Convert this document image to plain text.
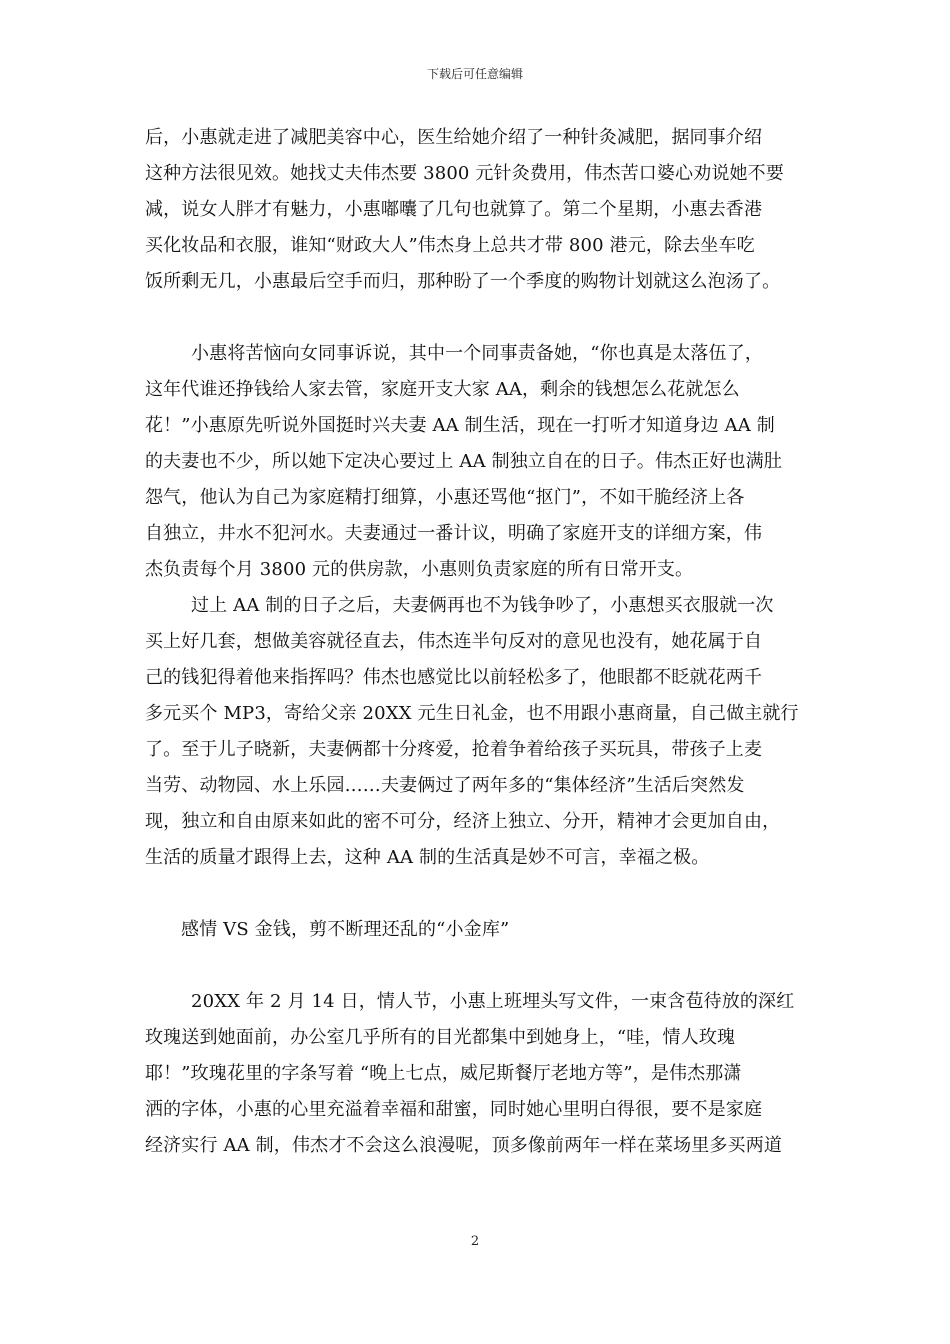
下载后可任意编辑
后，小惠就走进了减肥美容中心，医生给她介绍了一种针灸减肥，据同事介绍
这种方法很见效。她找丈夫伟杰要 3800 元针灸费用，伟杰苦口婆心劝说她不要
减，说女人胖才有魅力，小惠嘟囔了几句也就算了。第二个星期，小惠去香港
买化妆品和衣服，谁知“财政大人”伟杰身上总共才带 800 港元，除去坐车吃
饭所剩无几，小惠最后空手而归，那种盼了一个季度的购物计划就这么泡汤了。
小惠将苦恼向女同事诉说，其中一个同事责备她，“你也真是太落伍了，
这年代谁还挣钱给人家去管，家庭开支大家 AA，剩余的钱想怎么花就怎么
花！”小惠原先听说外国挺时兴夫妻 AA 制生活，现在一打听才知道身边 AA 制
的夫妻也不少，所以她下定决心要过上 AA 制独立自在的日子。伟杰正好也满肚
怨气，他认为自己为家庭精打细算，小惠还骂他“抠门”，不如干脆经济上各
自独立，井水不犯河水。夫妻通过一番计议，明确了家庭开支的详细方案，伟
杰负责每个月 3800 元的供房款，小惠则负责家庭的所有日常开支。
过上 AA 制的日子之后，夫妻俩再也不为钱争吵了，小惠想买衣服就一次
买上好几套，想做美容就径直去，伟杰连半句反对的意见也没有，她花属于自
己的钱犯得着他来指挥吗？伟杰也感觉比以前轻松多了，他眼都不眨就花两千
多元买个 MP3，寄给父亲 20XX 元生日礼金，也不用跟小惠商量，自己做主就行
了。至于儿子晓新，夫妻俩都十分疼爱，抢着争着给孩子买玩具，带孩子上麦
当劳、动物园、水上乐园……夫妻俩过了两年多的“集体经济”生活后突然发
现，独立和自由原来如此的密不可分，经济上独立、分开，精神才会更加自由，
生活的质量才跟得上去，这种 AA 制的生活真是妙不可言，幸福之极。
感情 VS 金钱，剪不断理还乱的“小金库”
20XX 年 2 月 14 日，情人节，小惠上班埋头写文件，一束含苞待放的深红
玫瑰送到她面前，办公室几乎所有的目光都集中到她身上，“哇，情人玫瑰
耶！”玫瑰花里的字条写着 “晚上七点，威尼斯餐厅老地方等”，是伟杰那潇
洒的字体，小惠的心里充溢着幸福和甜蜜，同时她心里明白得很，要不是家庭
经济实行 AA 制，伟杰才不会这么浪漫呢，顶多像前两年一样在菜场里多买两道
2
